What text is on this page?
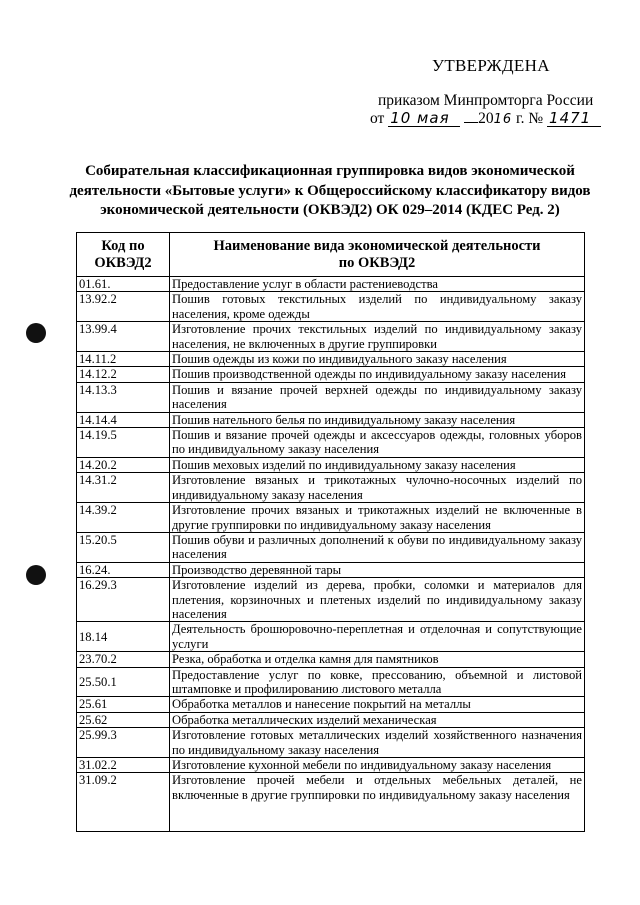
УТВЕРЖДЕНА
приказом Минпромторга России
от 10 мая 2016 г. № 1471
Собирательная классификационная группировка видов экономической деятельности «Бытовые услуги» к Общероссийскому классификатору видов экономической деятельности (ОКВЭД2) ОК 029–2014 (КДЕС Ред. 2)
Код по
ОКВЭД2	Наименование вида экономической деятельности
по ОКВЭД2
01.61.	Предоставление услуг в области растениеводства
13.92.2	Пошив готовых текстильных изделий по индивидуальному заказу населения, кроме одежды
13.99.4	Изготовление прочих текстильных изделий по индивидуальному заказу населения, не включенных в другие группировки
14.11.2	Пошив одежды из кожи по индивидуального заказу населения
14.12.2	Пошив производственной одежды по индивидуальному заказу населения
14.13.3	Пошив и вязание прочей верхней одежды по индивидуальному заказу населения
14.14.4	Пошив нательного белья по индивидуальному заказу населения
14.19.5	Пошив и вязание прочей одежды и аксессуаров одежды, головных уборов по индивидуальному заказу населения
14.20.2	Пошив меховых изделий по индивидуальному заказу населения
14.31.2	Изготовление вязаных и трикотажных чулочно-носочных изделий по индивидуальному заказу населения
14.39.2	Изготовление прочих вязаных и трикотажных изделий не включенные в другие группировки по индивидуальному заказу населения
15.20.5	Пошив обуви и различных дополнений к обуви по индивидуальному заказу населения
16.24.	Производство деревянной тары
16.29.3	Изготовление изделий из дерева, пробки, соломки и материалов для плетения, корзиночных и плетеных изделий по индивидуальному заказу населения
18.14	Деятельность брошюровочно-переплетная и отделочная и сопутствующие услуги
23.70.2	Резка, обработка и отделка камня для памятников
25.50.1	Предоставление услуг по ковке, прессованию, объемной и листовой штамповке и профилированию листового металла
25.61	Обработка металлов и нанесение покрытий на металлы
25.62	Обработка металлических изделий механическая
25.99.3	Изготовление готовых металлических изделий хозяйственного назначения по индивидуальному заказу населения
31.02.2	Изготовление кухонной мебели по индивидуальному заказу населения
31.09.2	Изготовление прочей мебели и отдельных мебельных деталей, не включенные в другие группировки по индивидуальному заказу населения
